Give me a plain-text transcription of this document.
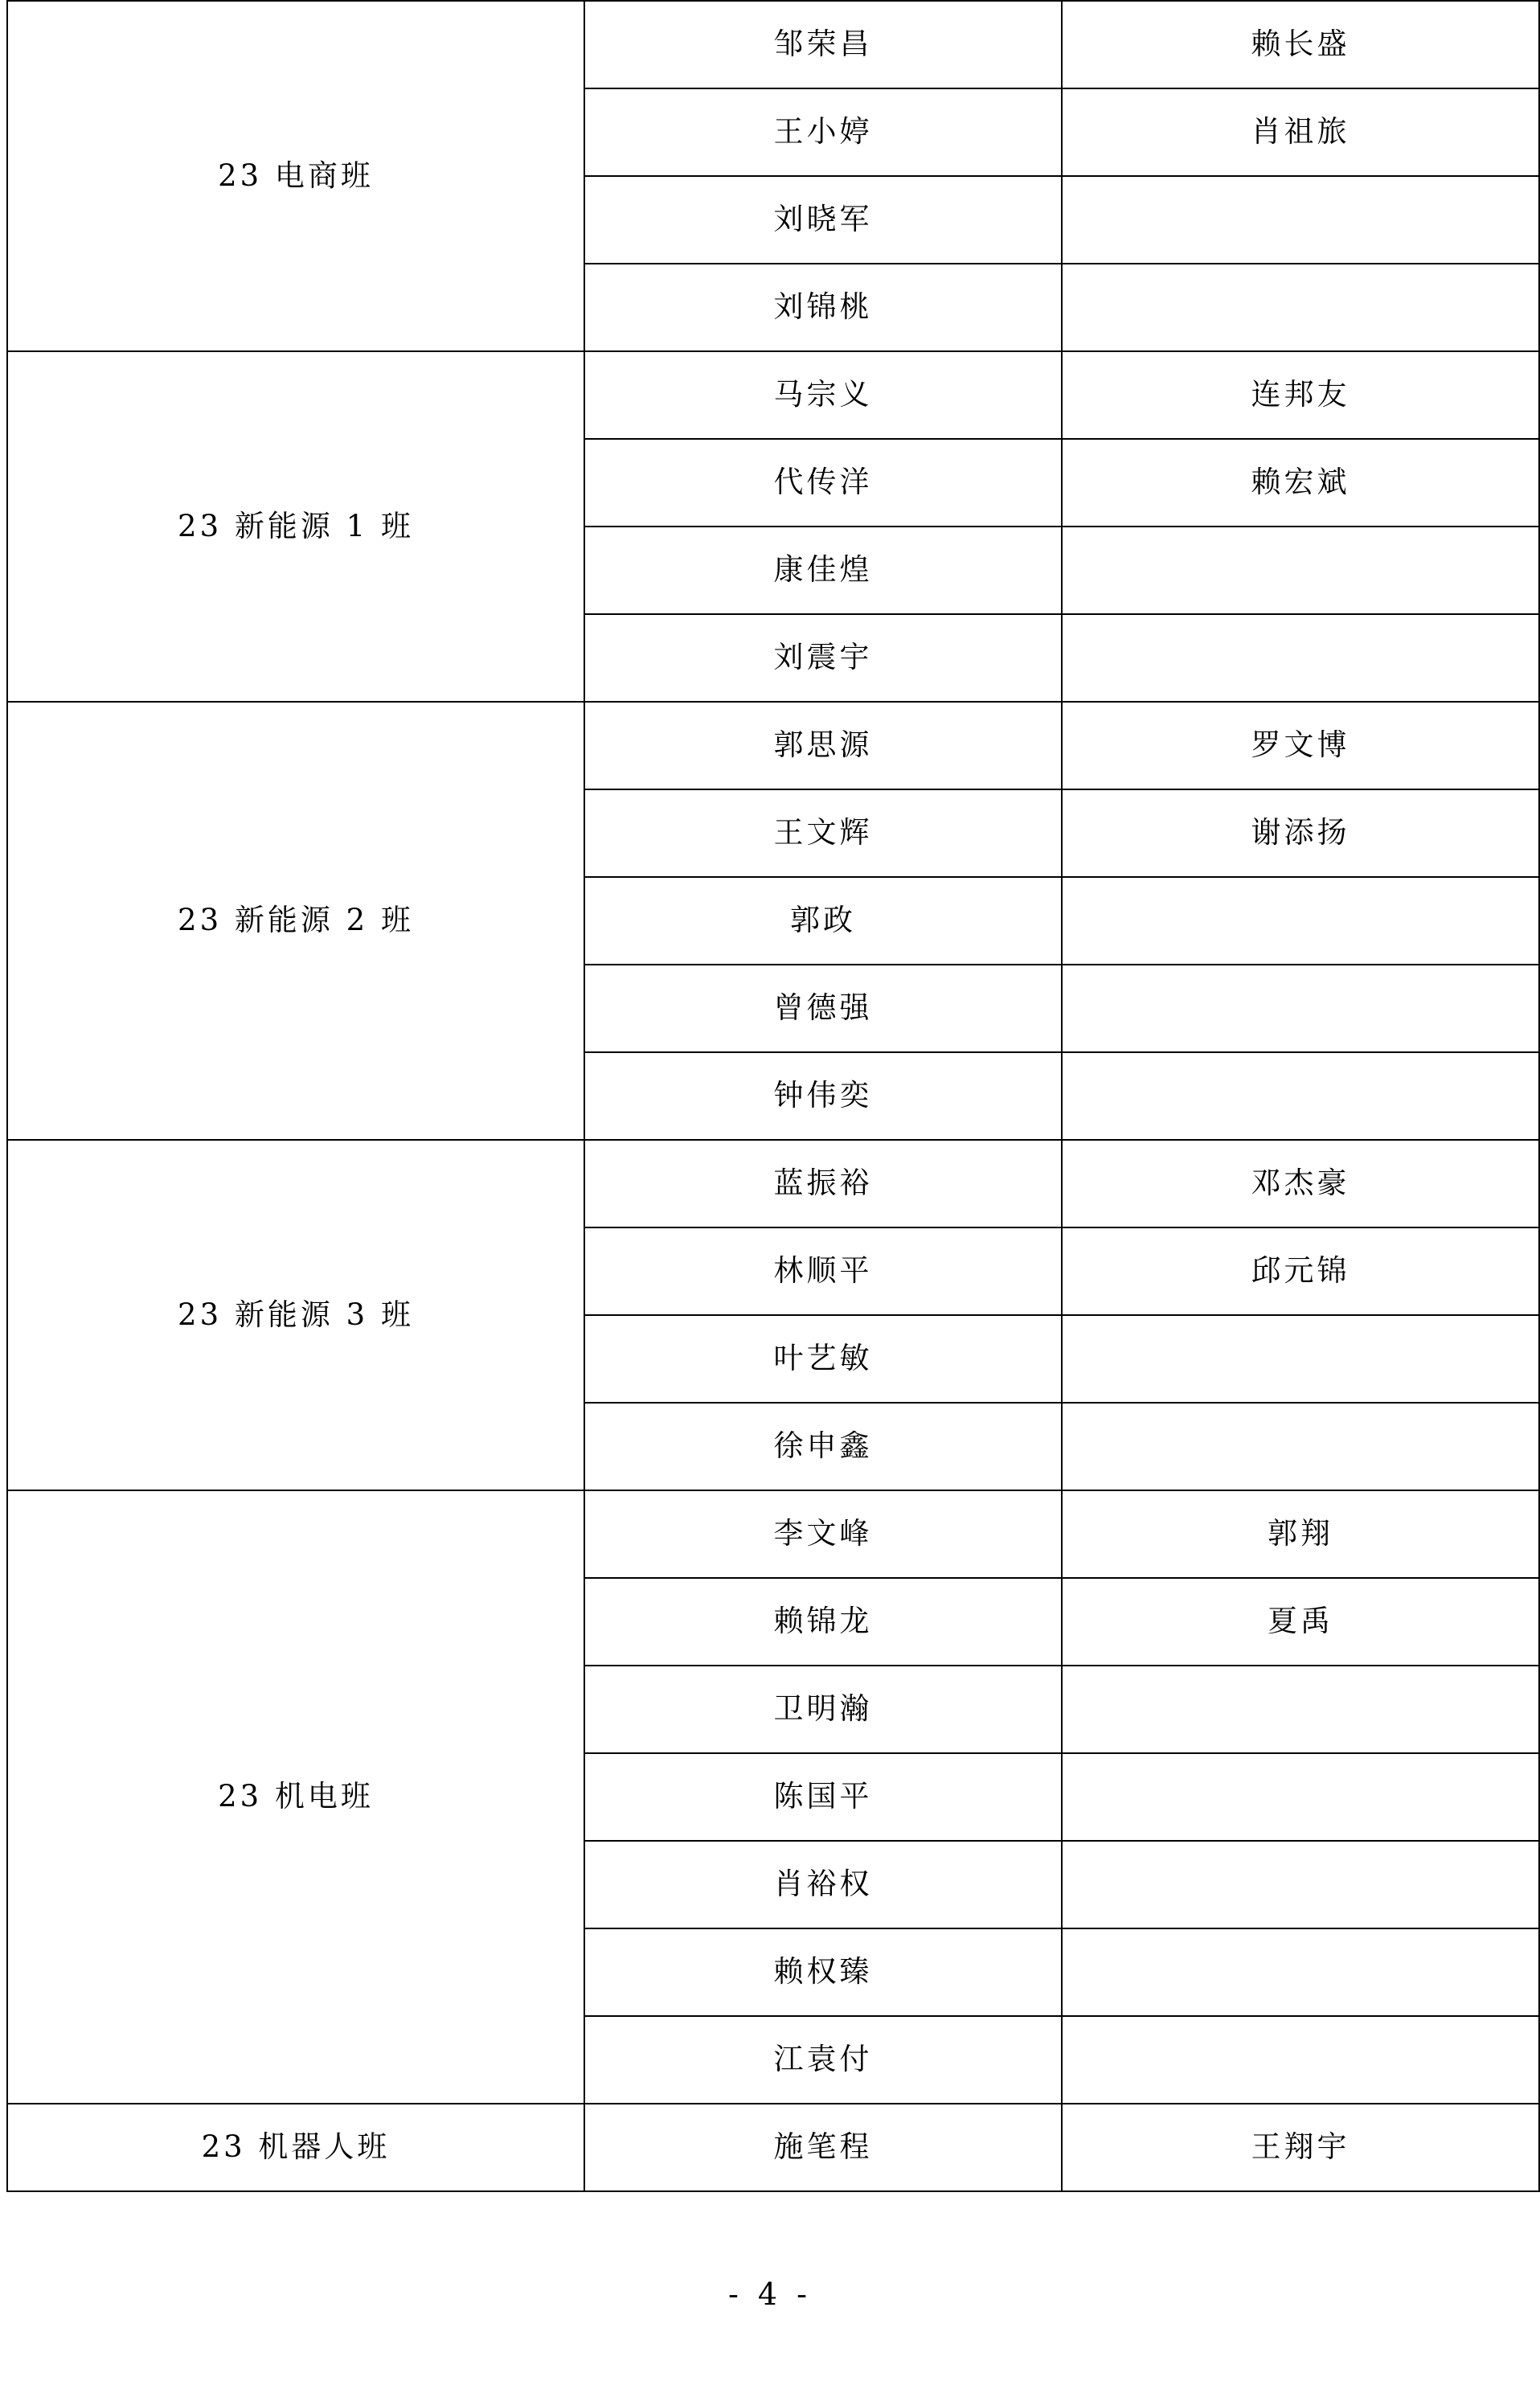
23 电商班	邹荣昌	赖长盛
	王小婷	肖祖旅
	刘晓军	
	刘锦桃	
23 新能源 1 班	马宗义	连邦友
	代传洋	赖宏斌
	康佳煌	
	刘震宇	
23 新能源 2 班	郭思源	罗文博
	王文辉	谢添扬
	郭政	
	曾德强	
	钟伟奕	
23 新能源 3 班	蓝振裕	邓杰豪
	林顺平	邱元锦
	叶艺敏	
	徐申鑫	
23 机电班	李文峰	郭翔
	赖锦龙	夏禹
	卫明瀚	
	陈国平	
	肖裕权	
	赖权臻	
	江袁付	
23 机器人班	施笔程	王翔宇
- 4 -
